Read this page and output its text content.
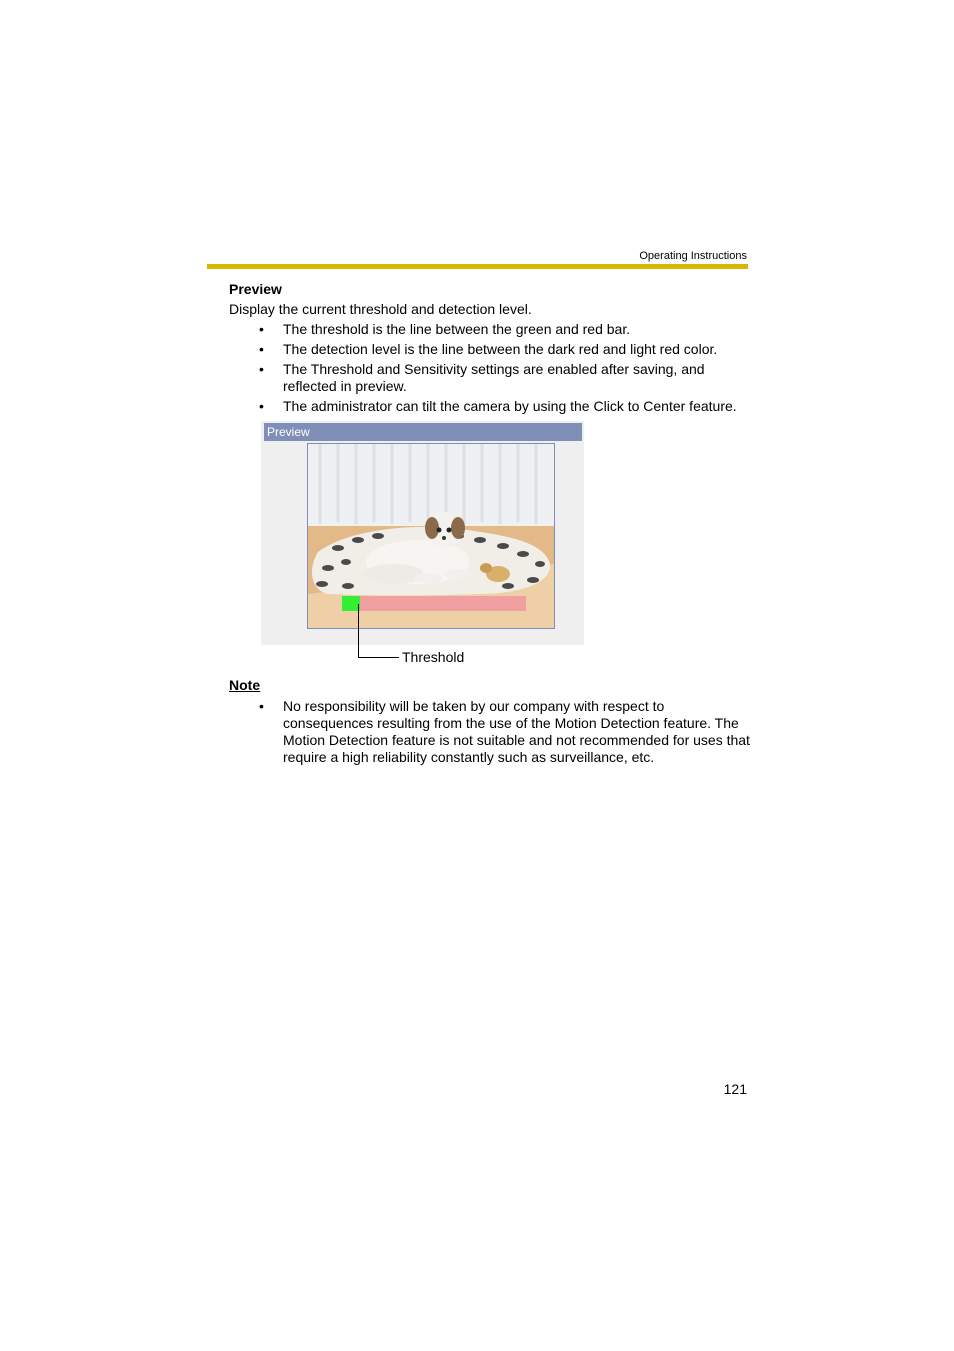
Operating Instructions
Preview
Display the current threshold and detection level.
• The threshold is the line between the green and red bar.
• The detection level is the line between the dark red and light red color.
• The Threshold and Sensitivity settings are enabled after saving, and reflected in preview.
• The administrator can tilt the camera by using the Click to Center feature.
Preview
Threshold
Note
• No responsibility will be taken by our company with respect to consequences resulting from the use of the Motion Detection feature. The Motion Detection feature is not suitable and not recommended for uses that require a high reliability constantly such as surveillance, etc.
121
